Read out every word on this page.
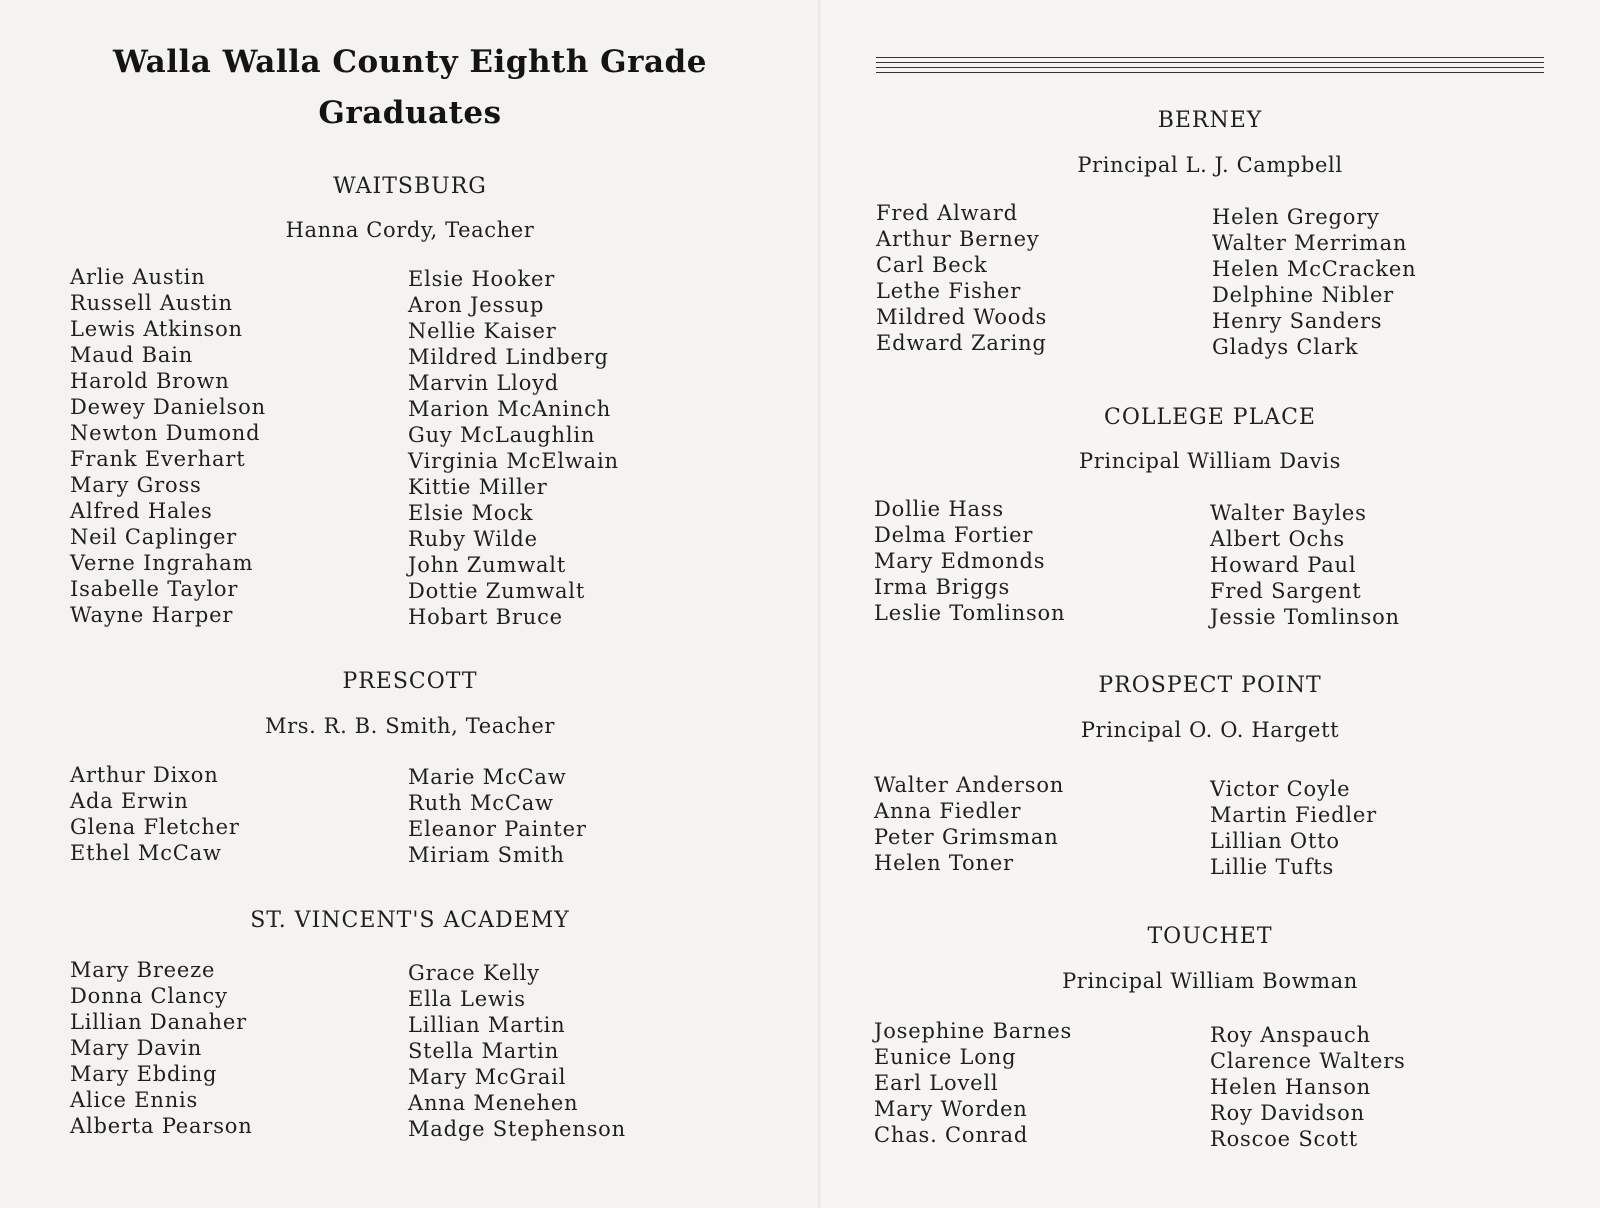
Walla Walla County Eighth Grade
Graduates
WAITSBURG
Hanna Cordy, Teacher
Arlie Austin
Russell Austin
Lewis Atkinson
Maud Bain
Harold Brown
Dewey Danielson
Newton Dumond
Frank Everhart
Mary Gross
Alfred Hales
Neil Caplinger
Verne Ingraham
Isabelle Taylor
Wayne Harper
Elsie Hooker
Aron Jessup
Nellie Kaiser
Mildred Lindberg
Marvin Lloyd
Marion McAninch
Guy McLaughlin
Virginia McElwain
Kittie Miller
Elsie Mock
Ruby Wilde
John Zumwalt
Dottie Zumwalt
Hobart Bruce
PRESCOTT
Mrs. R. B. Smith, Teacher
Arthur Dixon
Ada Erwin
Glena Fletcher
Ethel McCaw
Marie McCaw
Ruth McCaw
Eleanor Painter
Miriam Smith
ST. VINCENT'S ACADEMY
Mary Breeze
Donna Clancy
Lillian Danaher
Mary Davin
Mary Ebding
Alice Ennis
Alberta Pearson
Grace Kelly
Ella Lewis
Lillian Martin
Stella Martin
Mary McGrail
Anna Menehen
Madge Stephenson
BERNEY
Principal L. J. Campbell
Fred Alward
Arthur Berney
Carl Beck
Lethe Fisher
Mildred Woods
Edward Zaring
Helen Gregory
Walter Merriman
Helen McCracken
Delphine Nibler
Henry Sanders
Gladys Clark
COLLEGE PLACE
Principal William Davis
Dollie Hass
Delma Fortier
Mary Edmonds
Irma Briggs
Leslie Tomlinson
Walter Bayles
Albert Ochs
Howard Paul
Fred Sargent
Jessie Tomlinson
PROSPECT POINT
Principal O. O. Hargett
Walter Anderson
Anna Fiedler
Peter Grimsman
Helen Toner
Victor Coyle
Martin Fiedler
Lillian Otto
Lillie Tufts
TOUCHET
Principal William Bowman
Josephine Barnes
Eunice Long
Earl Lovell
Mary Worden
Chas. Conrad
Roy Anspauch
Clarence Walters
Helen Hanson
Roy Davidson
Roscoe Scott
